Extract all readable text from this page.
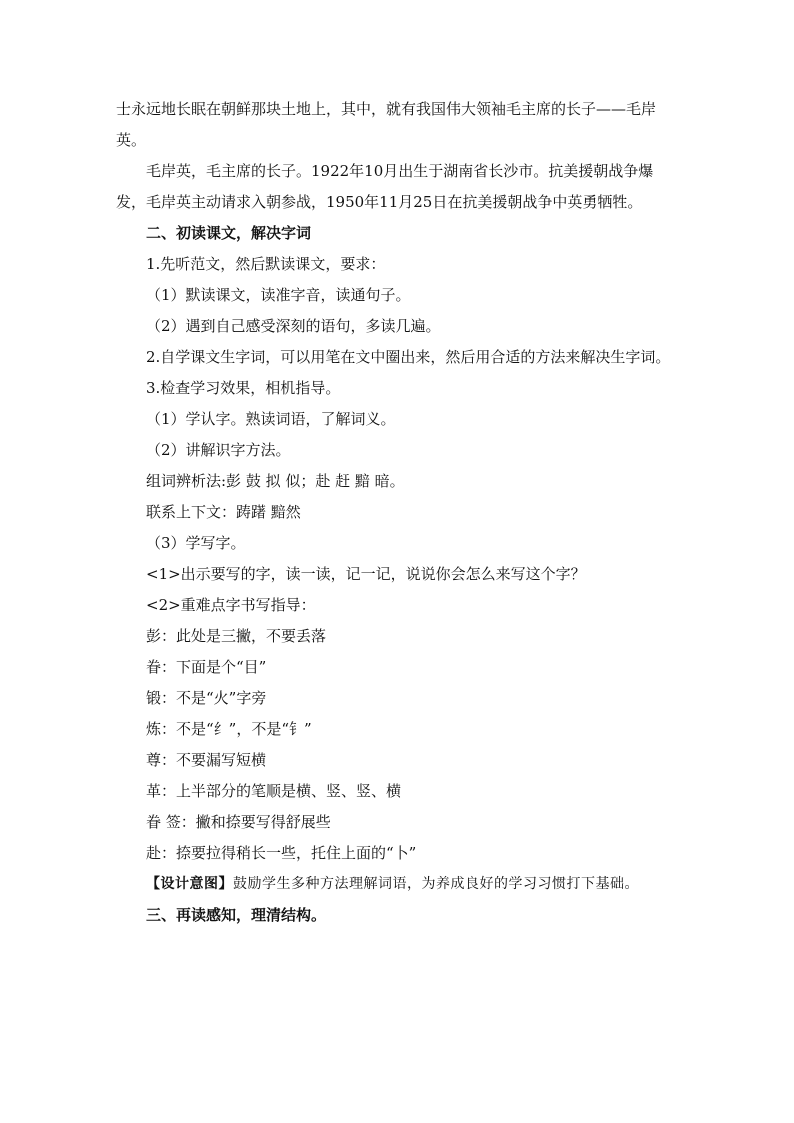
士永远地长眠在朝鲜那块土地上，其中，就有我国伟大领袖毛主席的长子——毛岸英。

毛岸英，毛主席的长子。1922年10月出生于湖南省长沙市。抗美援朝战争爆发，毛岸英主动请求入朝参战，1950年11月25日在抗美援朝战争中英勇牺牲。

二、初读课文，解决字词

1.先听范文，然后默读课文，要求：

（1）默读课文，读准字音，读通句子。

（2）遇到自己感受深刻的语句，多读几遍。

2.自学课文生字词，可以用笔在文中圈出来，然后用合适的方法来解决生字词。

3.检查学习效果，相机指导。

（1）学认字。熟读词语，了解词义。

（2）讲解识字方法。

组词辨析法:彭 鼓 拟 似；赴 赶 黯 暗。

联系上下文：踌躇 黯然

（3）学写字。

<1>出示要写的字，读一读，记一记，说说你会怎么来写这个字？

<2>重难点字书写指导：

彭：此处是三撇，不要丢落

眷：下面是个“目”

锻：不是“火”字旁

炼：不是“纟”，不是“钅”

尊：不要漏写短横

革：上半部分的笔顺是横、竖、竖、横

眷 签：撇和捺要写得舒展些

赴：捺要拉得稍长一些，托住上面的“卜”

【设计意图】鼓励学生多种方法理解词语，为养成良好的学习习惯打下基础。

三、再读感知，理清结构。
